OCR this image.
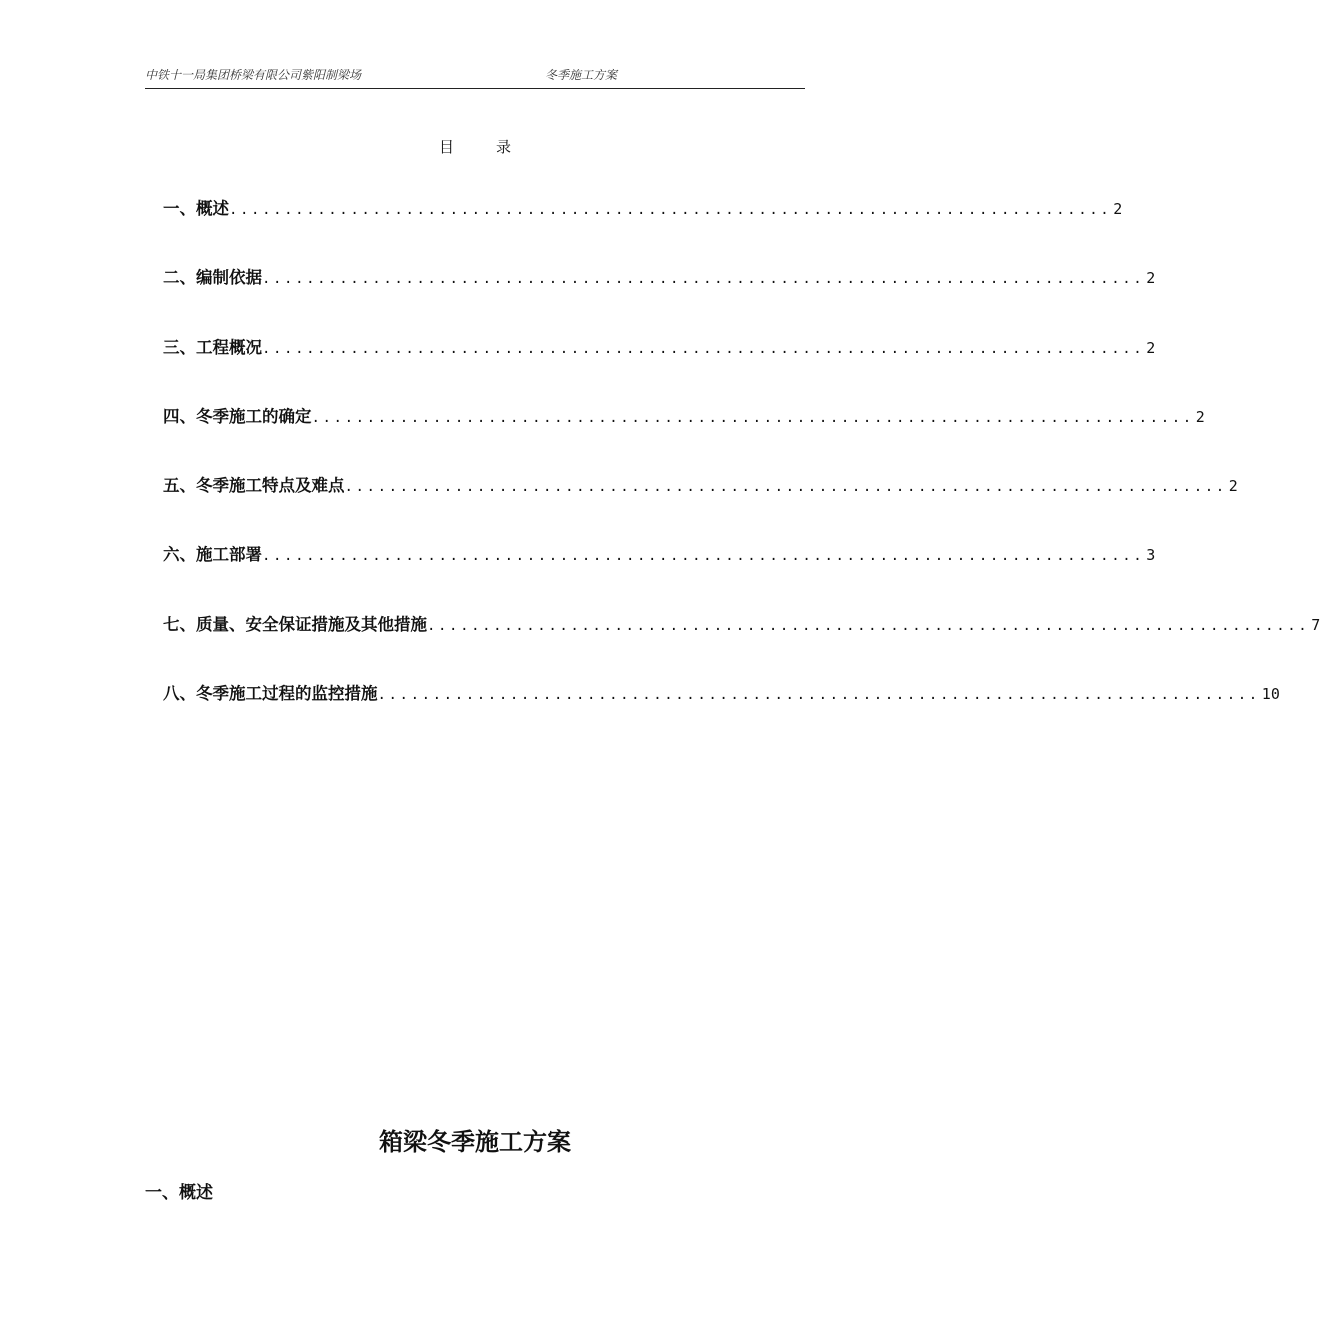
中铁十一局集团桥梁有限公司紫阳制梁场	冬季施工方案
目	录
一、概述 ................................................................................ 2
二、编制依据 ................................................................................ 2
三、工程概况 ................................................................................ 2
四、冬季施工的确定 ................................................................................ 2
五、冬季施工特点及难点 ................................................................................ 2
六、施工部署 ................................................................................ 3
七、质量、安全保证措施及其他措施 ................................................................................ 7
八、冬季施工过程的监控措施 ................................................................................ 10
箱梁冬季施工方案
一、概述
